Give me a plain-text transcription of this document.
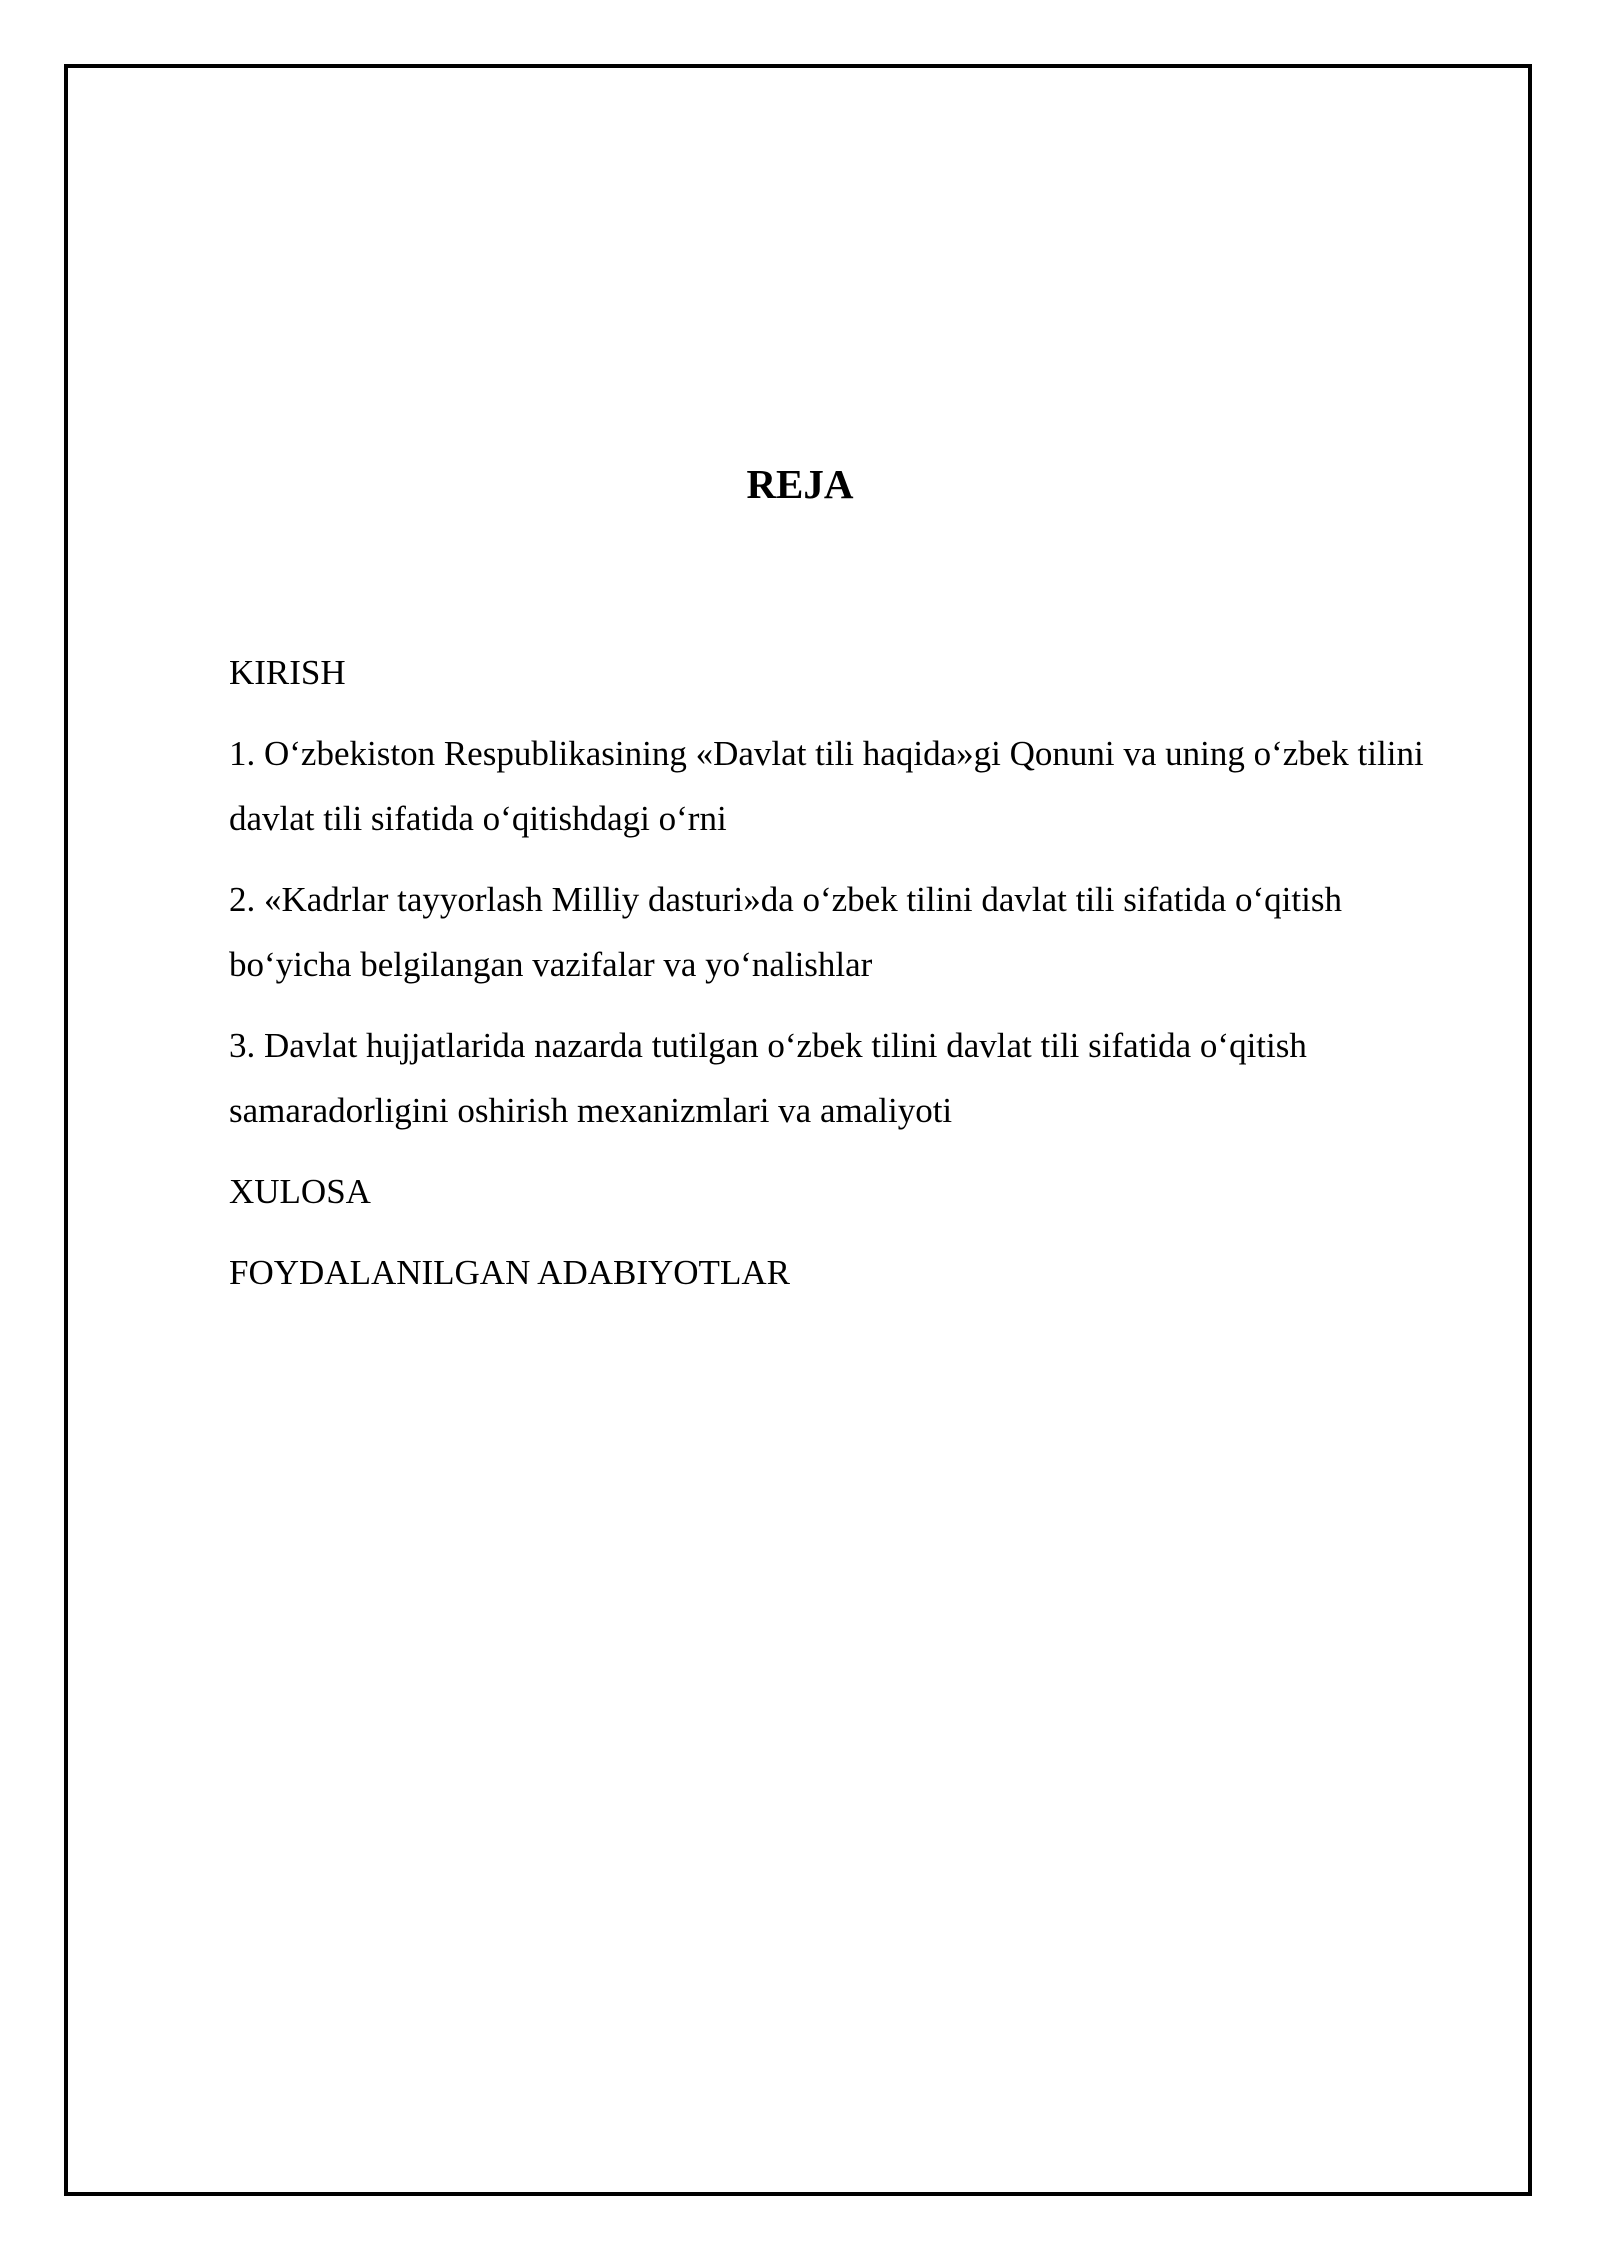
REJA
KIRISH
1. O‘zbekiston Respublikasining «Davlat tili haqida»gi Qonuni va uning o‘zbek tilini davlat tili sifatida o‘qitishdagi o‘rni
2. «Kadrlar tayyorlash Milliy dasturi»da o‘zbek tilini davlat tili sifatida o‘qitish bo‘yicha belgilangan vazifalar va yo‘nalishlar
3. Davlat hujjatlarida nazarda tutilgan o‘zbek tilini davlat tili sifatida o‘qitish samaradorligini oshirish mexanizmlari va amaliyoti
XULOSA
FOYDALANILGAN ADABIYOTLAR
